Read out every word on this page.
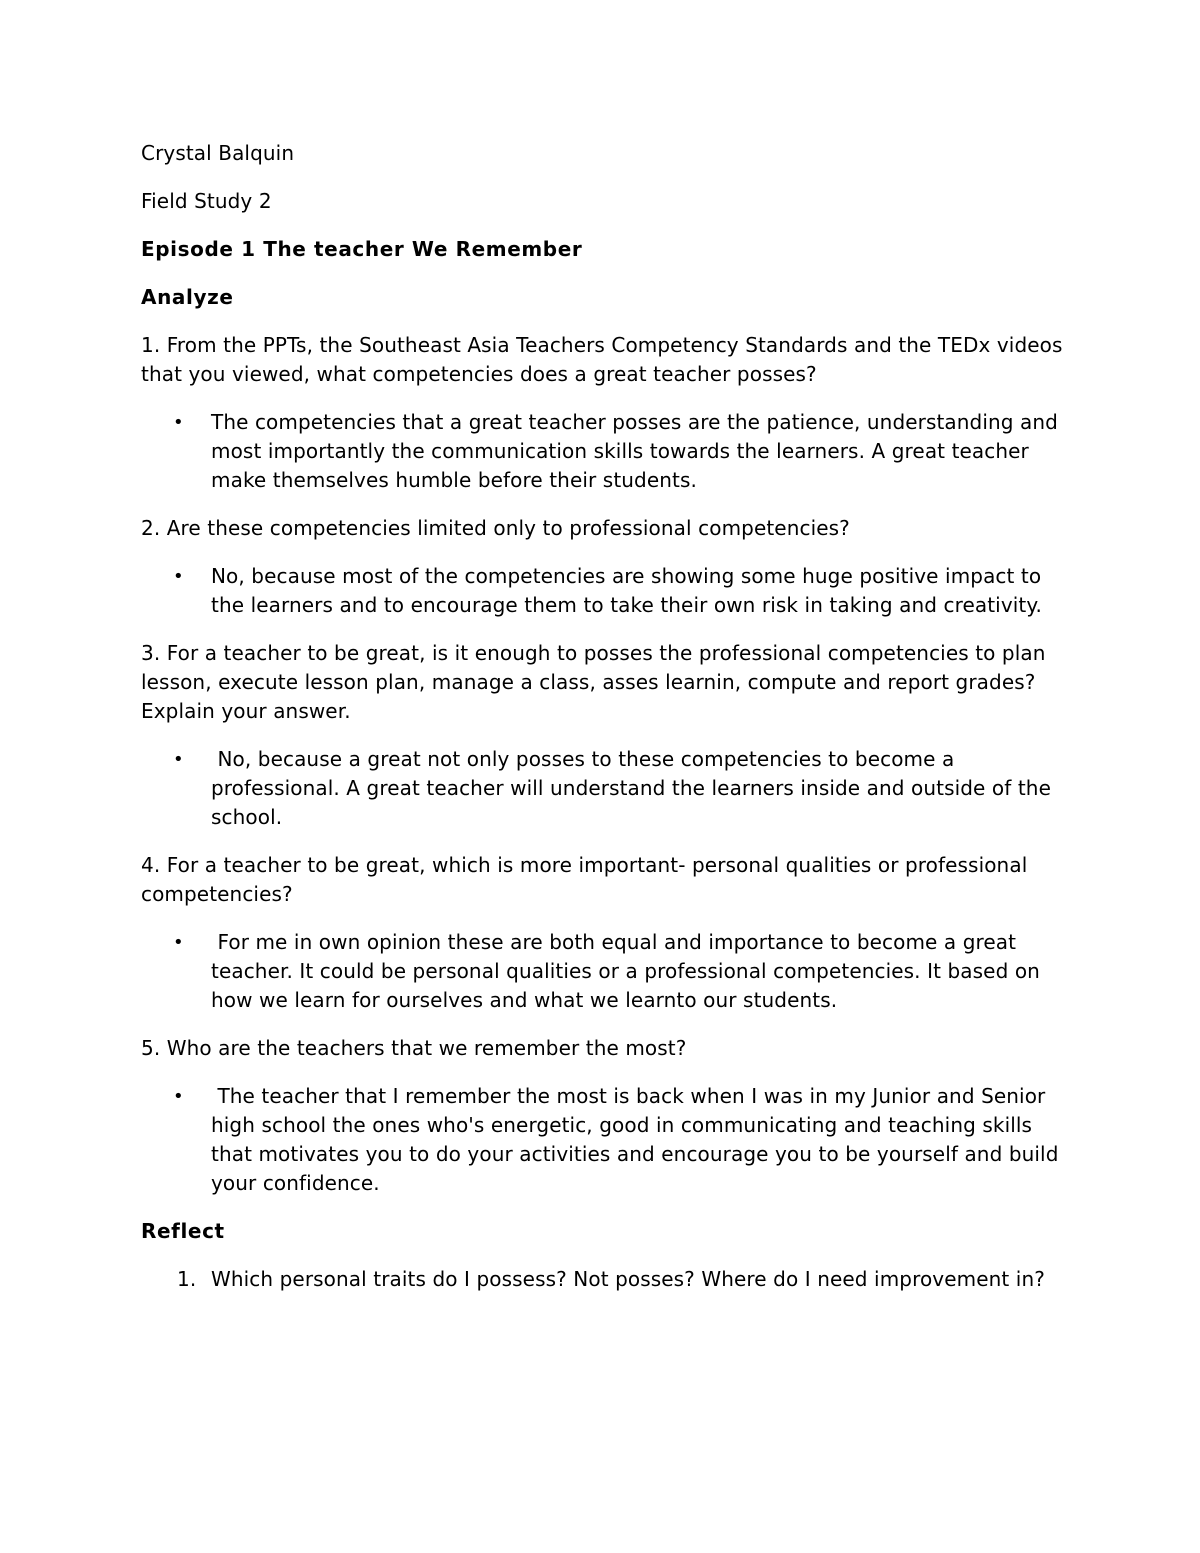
Crystal Balquin

Field Study 2

Episode 1 The teacher We Remember

Analyze

1. From the PPTs, the Southeast Asia Teachers Competency Standards and the TEDx videos that you viewed, what competencies does a great teacher posses?

• The competencies that a great teacher posses are the patience, understanding and most importantly the communication skills towards the learners. A great teacher make themselves humble before their students.

2. Are these competencies limited only to professional competencies?

• No, because most of the competencies are showing some huge positive impact to the learners and to encourage them to take their own risk in taking and creativity.

3. For a teacher to be great, is it enough to posses the professional competencies to plan lesson, execute lesson plan, manage a class, asses learnin, compute and report grades? Explain your answer.

• No, because a great not only posses to these competencies to become a professional. A great teacher will understand the learners inside and outside of the school.

4. For a teacher to be great, which is more important- personal qualities or professional competencies?

• For me in own opinion these are both equal and importance to become a great teacher. It could be personal qualities or a professional competencies. It based on how we learn for ourselves and what we learnto our students.

5. Who are the teachers that we remember the most?

• The teacher that I remember the most is back when I was in my Junior and Senior high school the ones who's energetic, good in communicating and teaching skills that motivates you to do your activities and encourage you to be yourself and build your confidence.

Reflect

1. Which personal traits do I possess? Not posses? Where do I need improvement in?
